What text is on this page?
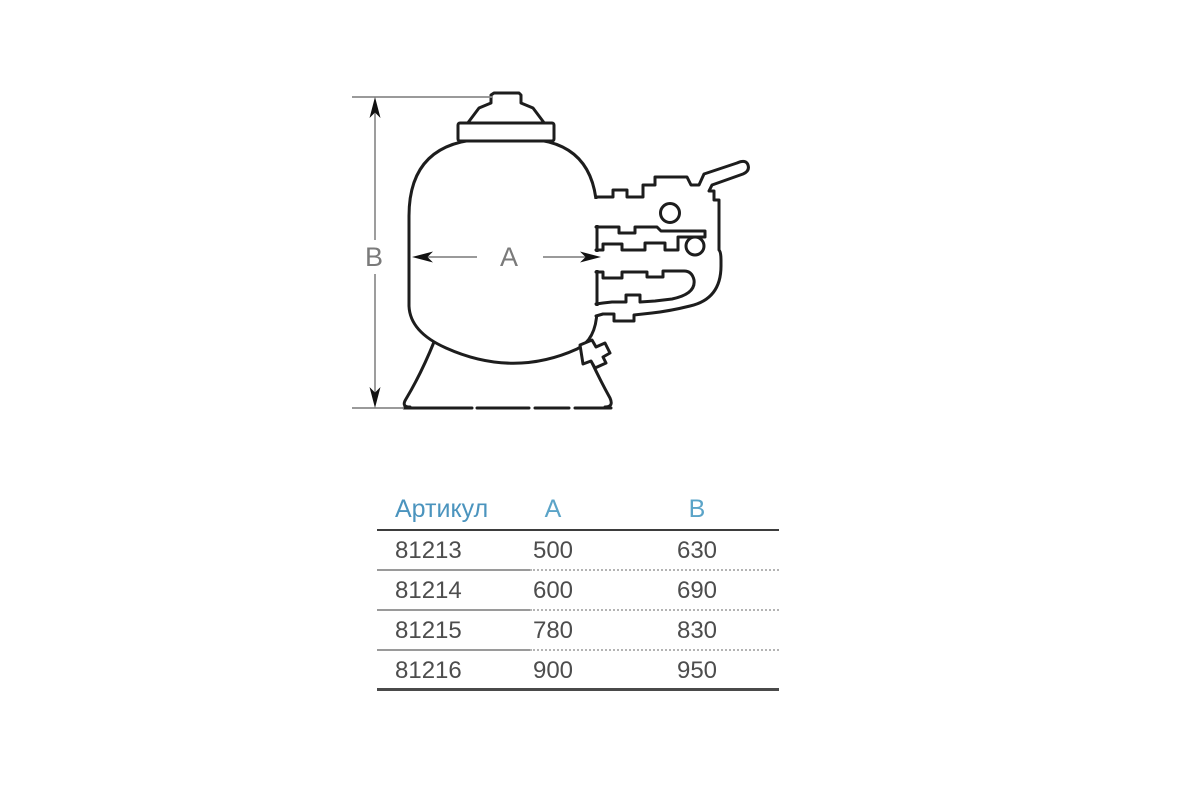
B	A
Артикул	A	B
81213	500	630
81214	600	690
81215	780	830
81216	900	950
